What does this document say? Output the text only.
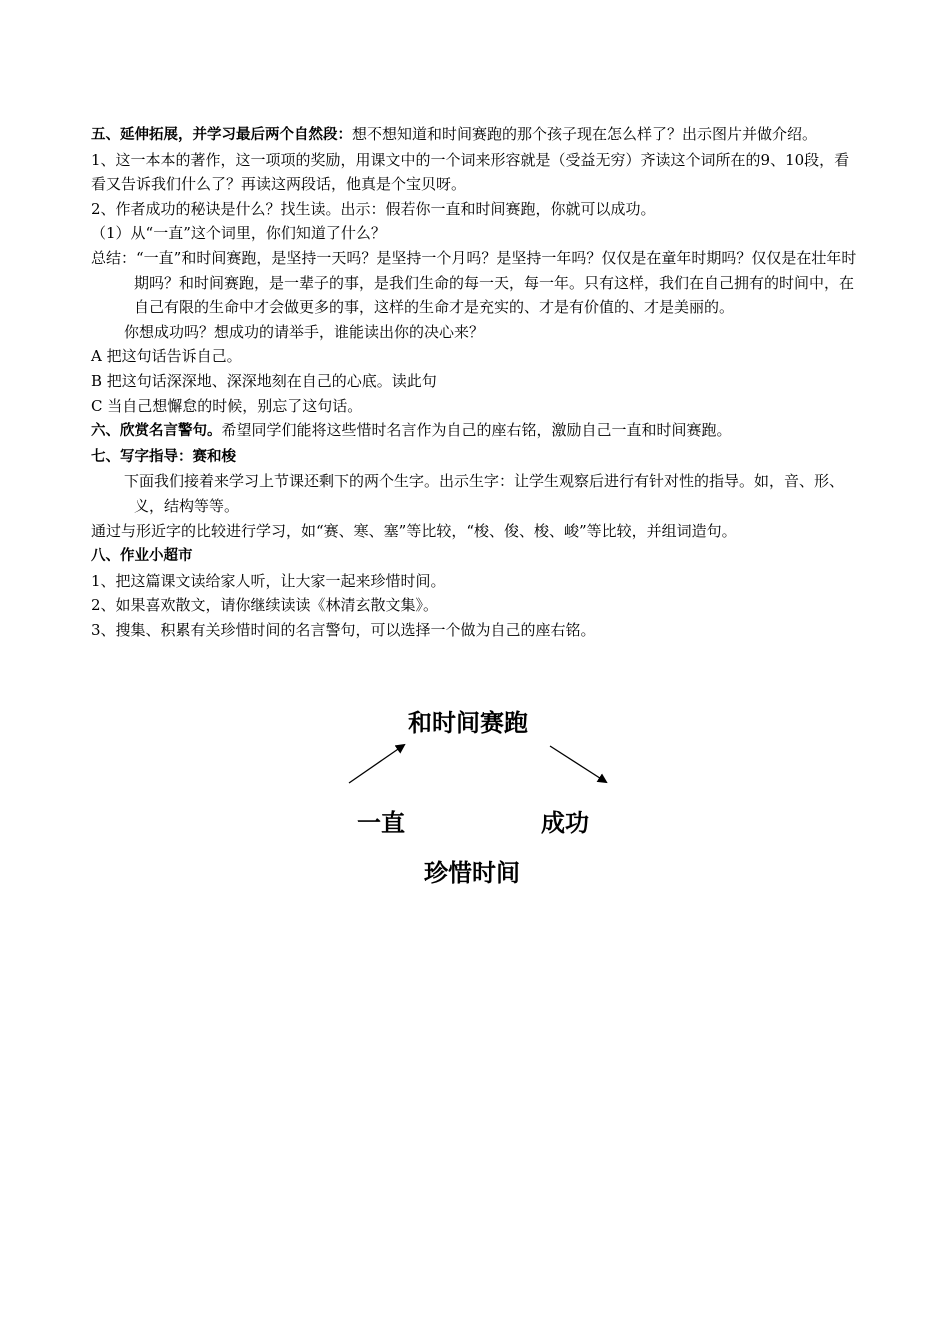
五、延伸拓展，并学习最后两个自然段：想不想知道和时间赛跑的那个孩子现在怎么样了？出示图片并做介绍。

1、这一本本的著作，这一项项的奖励，用课文中的一个词来形容就是（受益无穷）齐读这个词所在的9、10段，看看又告诉我们什么了？再读这两段话，他真是个宝贝呀。

2、作者成功的秘诀是什么？找生读。出示：假若你一直和时间赛跑，你就可以成功。

（1）从“一直”这个词里，你们知道了什么？

总结：“一直”和时间赛跑，是坚持一天吗？是坚持一个月吗？是坚持一年吗？仅仅是在童年时期吗？仅仅是在壮年时期吗？和时间赛跑，是一辈子的事，是我们生命的每一天，每一年。只有这样，我们在自己拥有的时间中，在自己有限的生命中才会做更多的事，这样的生命才是充实的、才是有价值的、才是美丽的。

你想成功吗？想成功的请举手，谁能读出你的决心来？

A 把这句话告诉自己。

B 把这句话深深地、深深地刻在自己的心底。读此句

C 当自己想懈怠的时候，别忘了这句话。

六、欣赏名言警句。希望同学们能将这些惜时名言作为自己的座右铭，激励自己一直和时间赛跑。

七、写字指导：赛和梭

下面我们接着来学习上节课还剩下的两个生字。出示生字：让学生观察后进行有针对性的指导。如，音、形、义，结构等等。

通过与形近字的比较进行学习，如“赛、寒、塞”等比较，“梭、俊、梭、峻”等比较，并组词造句。

八、作业小超市

1、把这篇课文读给家人听，让大家一起来珍惜时间。

2、如果喜欢散文，请你继续读读《林清玄散文集》。

3、搜集、积累有关珍惜时间的名言警句，可以选择一个做为自己的座右铭。

和时间赛跑
一直	成功
珍惜时间
